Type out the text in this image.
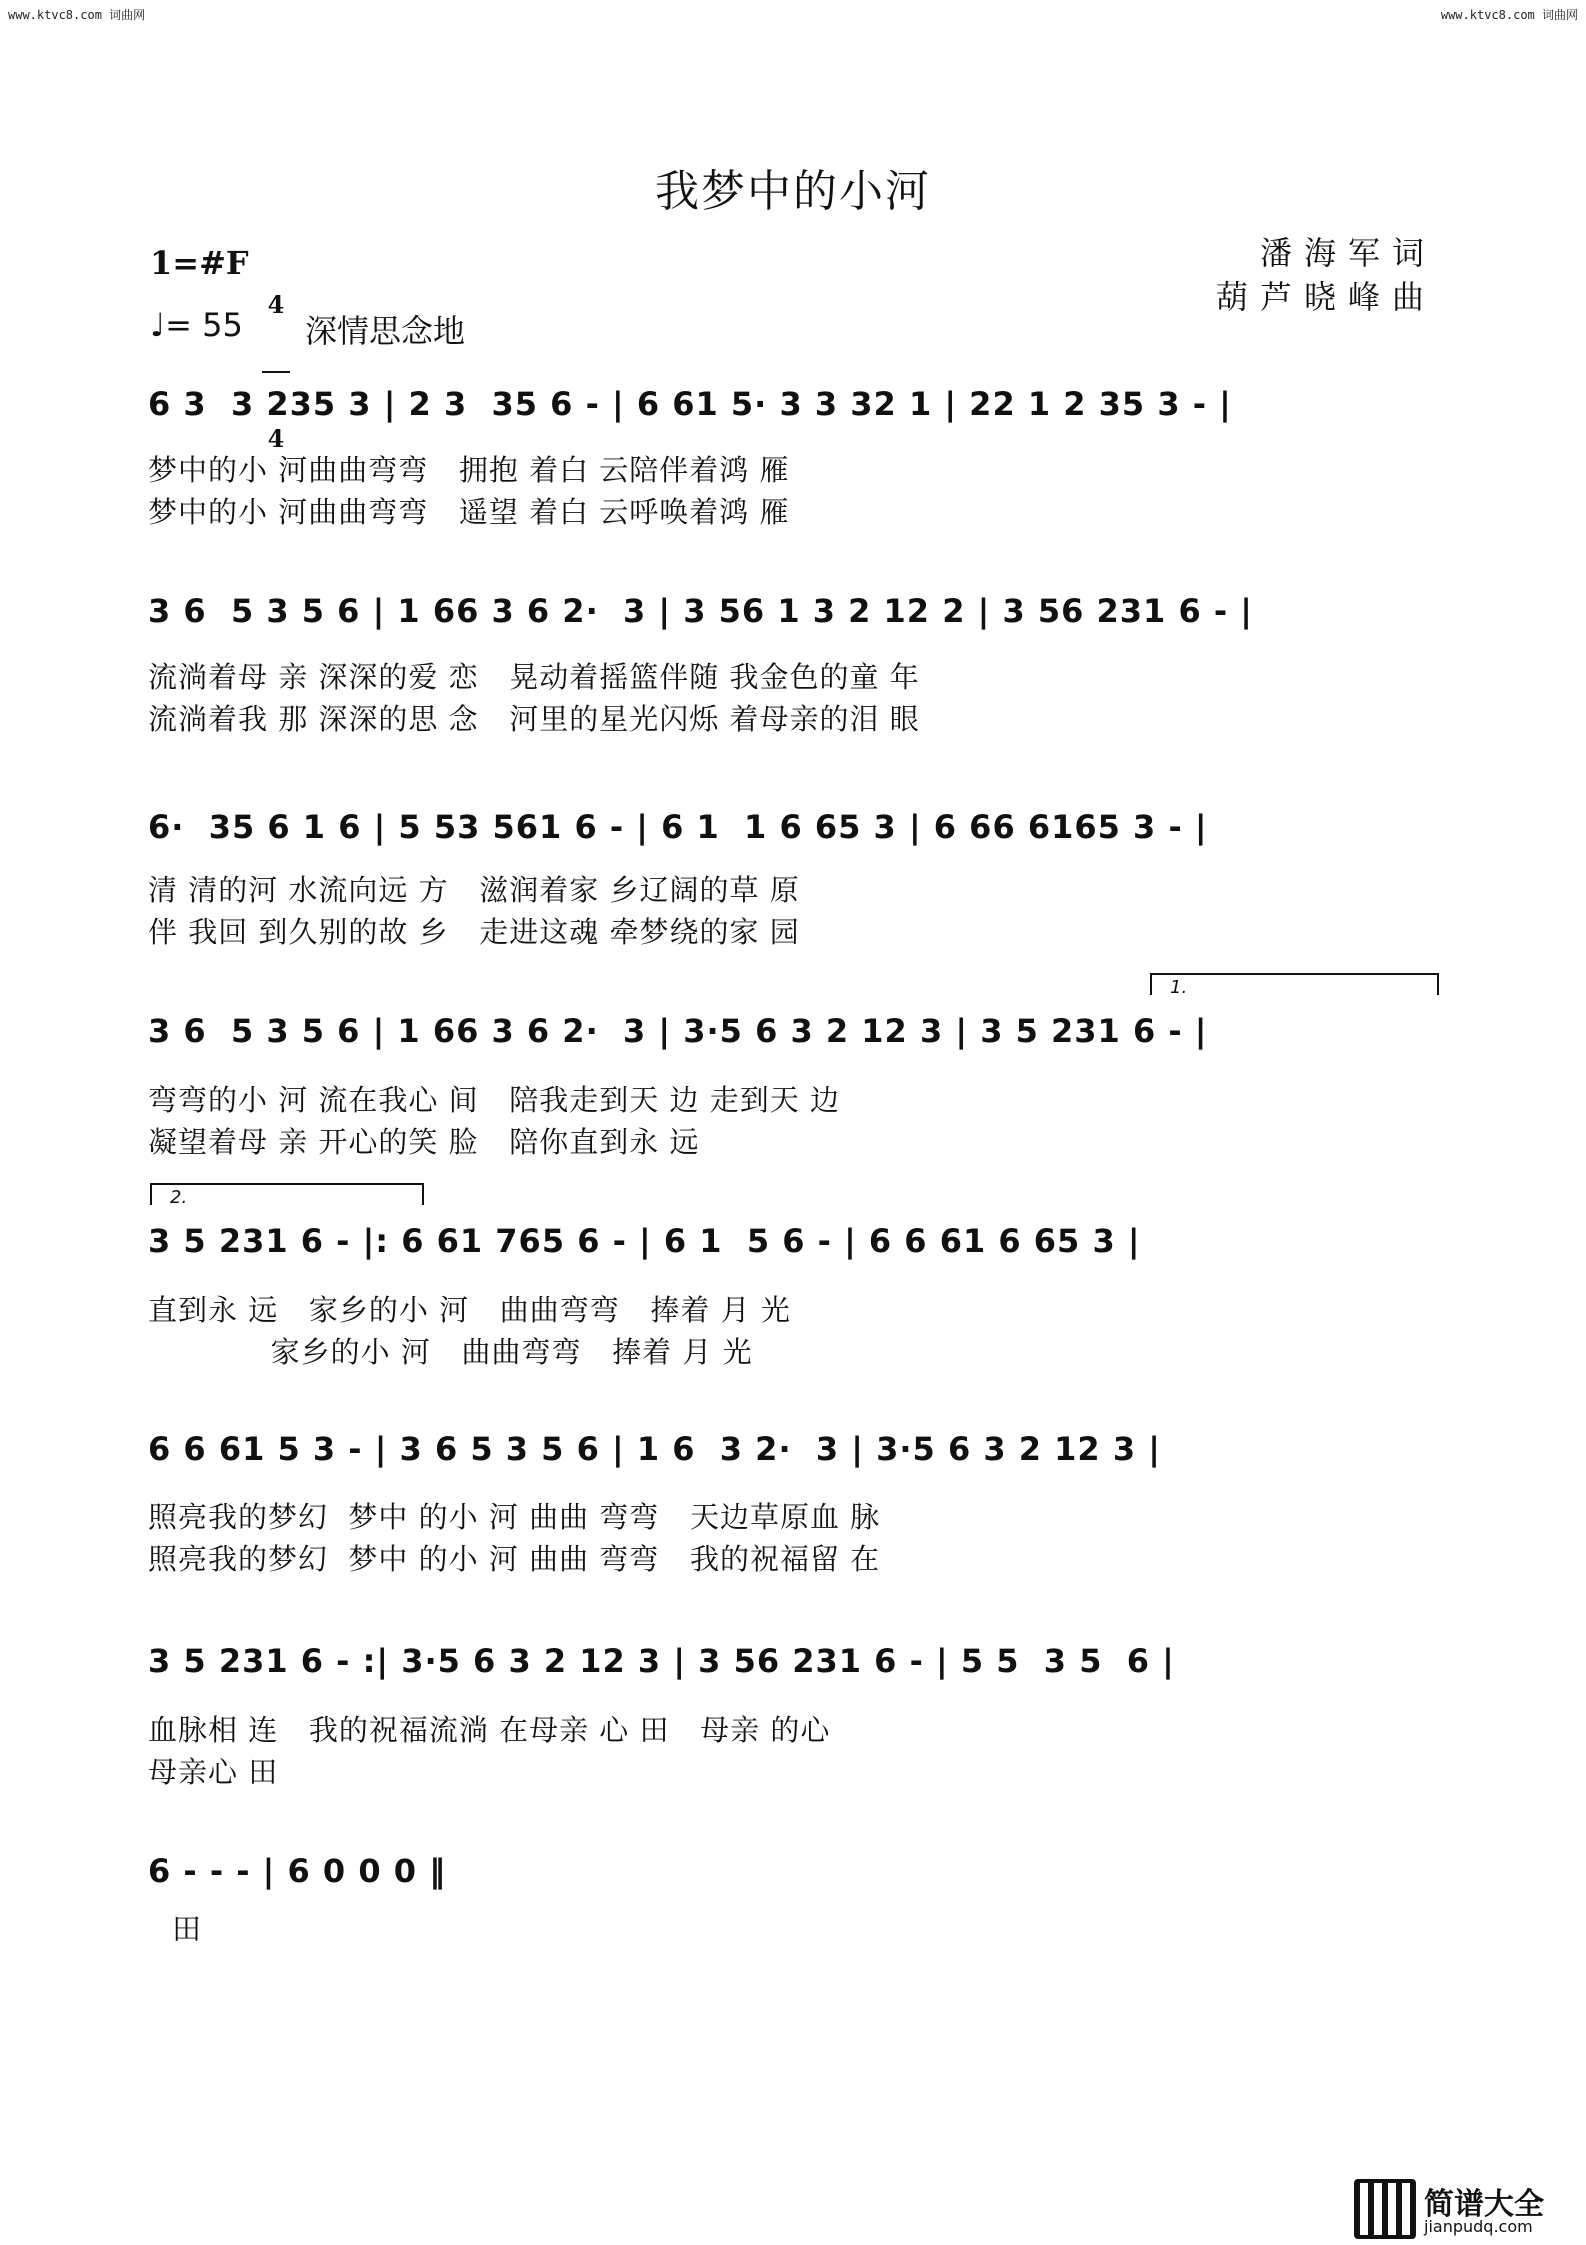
www.ktvc8.com 词曲网	www.ktvc8.com 词曲网
我梦中的小河
潘海军词
葫芦晓峰曲
1=#F

4

4

♩= 55 深情思念地
6 3  3 235 3 | 2 3  35 6 - | 6 61 5· 3 3 32 1 | 22 1 2 35 3 - |
梦中的小 河曲曲弯弯   拥抱 着白 云陪伴着鸿 雁
梦中的小 河曲曲弯弯   遥望 着白 云呼唤着鸿 雁
3 6  5 3 5 6 | 1 66 3 6 2·  3 | 3 56 1 3 2 12 2 | 3 56 231 6 - |
流淌着母 亲 深深的爱 恋   晃动着摇篮伴随 我金色的童 年
流淌着我 那 深深的思 念   河里的星光闪烁 着母亲的泪 眼
6·  35 6 1 6 | 5 53 561 6 - | 6 1  1 6 65 3 | 6 66 6165 3 - |
清 清的河 水流向远 方   滋润着家 乡辽阔的草 原
伴 我回 到久别的故 乡   走进这魂 牵梦绕的家 园

1.

3 6  5 3 5 6 | 1 66 3 6 2·  3 | 3·5 6 3 2 12 3 | 3 5 231 6 - |
弯弯的小 河 流在我心 间   陪我走到天 边 走到天 边
凝望着母 亲 开心的笑 脸   陪你直到永 远

2.

3 5 231 6 - |: 6 61 765 6 - | 6 1  5 6 - | 6 6 61 6 65 3 |
直到永 远   家乡的小 河   曲曲弯弯   捧着 月 光
家乡的小 河   曲曲弯弯   捧着 月 光
6 6 61 5 3 - | 3 6 5 3 5 6 | 1 6  3 2·  3 | 3·5 6 3 2 12 3 |
照亮我的梦幻  梦中 的小 河 曲曲 弯弯   天边草原血 脉
照亮我的梦幻  梦中 的小 河 曲曲 弯弯   我的祝福留 在
3 5 231 6 - :| 3·5 6 3 2 12 3 | 3 56 231 6 - | 5 5  3 5  6 |
血脉相 连   我的祝福流淌 在母亲 心 田   母亲 的心
母亲心 田
6 - - - | 6 0 0 0 ‖
田
简谱大全
jianpudq.com
